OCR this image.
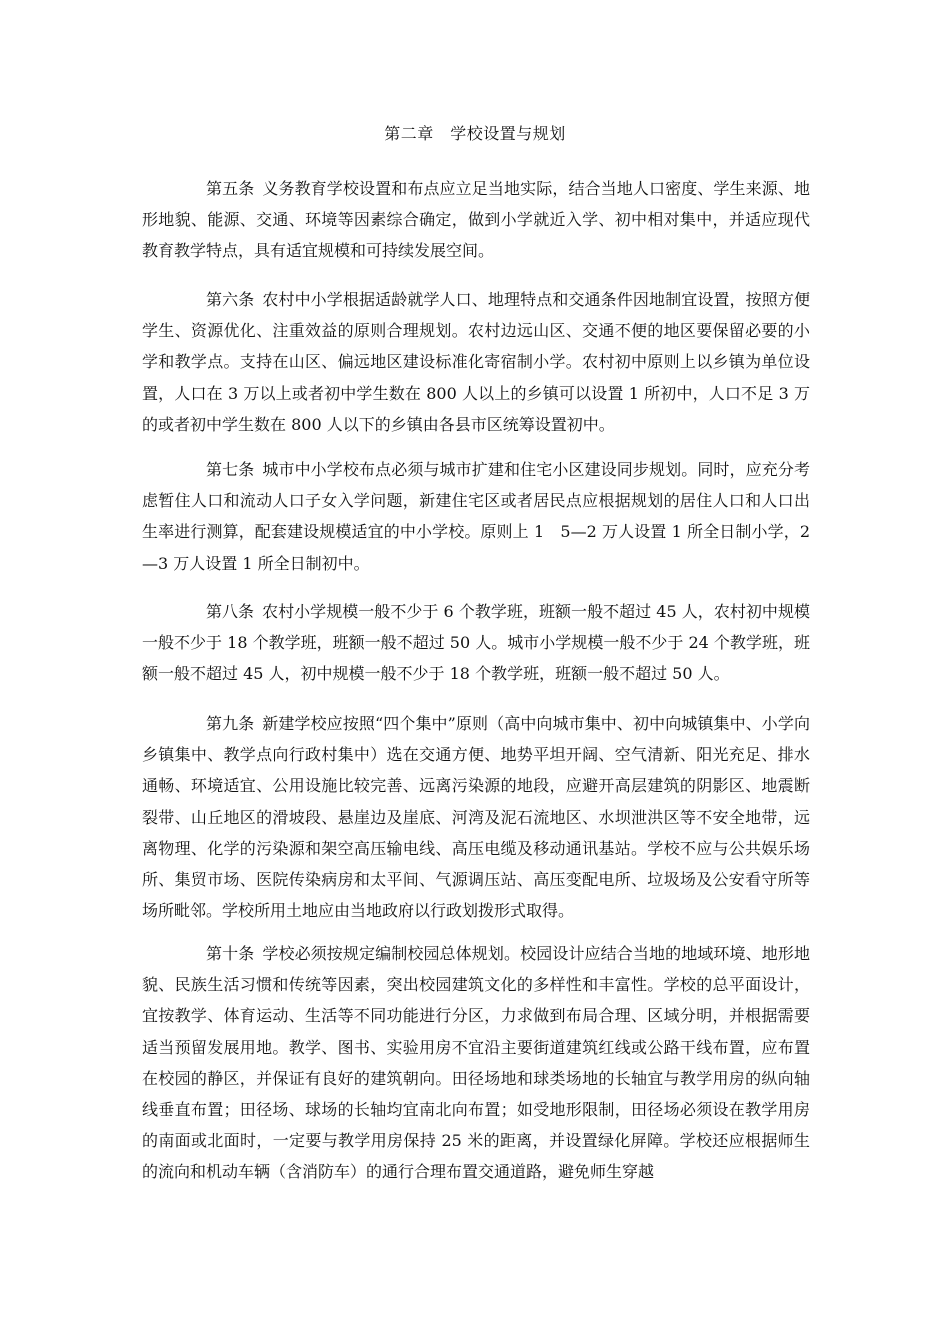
第二章　学校设置与规划

第五条 义务教育学校设置和布点应立足当地实际，结合当地人口密度、学生来源、地形地貌、能源、交通、环境等因素综合确定，做到小学就近入学、初中相对集中，并适应现代教育教学特点，具有适宜规模和可持续发展空间。

第六条 农村中小学根据适龄就学人口、地理特点和交通条件因地制宜设置，按照方便学生、资源优化、注重效益的原则合理规划。农村边远山区、交通不便的地区要保留必要的小学和教学点。支持在山区、偏远地区建设标准化寄宿制小学。农村初中原则上以乡镇为单位设置，人口在 3 万以上或者初中学生数在 800 人以上的乡镇可以设置 1 所初中，人口不足 3 万的或者初中学生数在 800 人以下的乡镇由各县市区统筹设置初中。

第七条 城市中小学校布点必须与城市扩建和住宅小区建设同步规划。同时，应充分考虑暂住人口和流动人口子女入学问题，新建住宅区或者居民点应根据规划的居住人口和人口出生率进行测算，配套建设规模适宜的中小学校。原则上 1　5—2 万人设置 1 所全日制小学，2—3 万人设置 1 所全日制初中。

第八条 农村小学规模一般不少于 6 个教学班，班额一般不超过 45 人，农村初中规模一般不少于 18 个教学班，班额一般不超过 50 人。城市小学规模一般不少于 24 个教学班，班额一般不超过 45 人，初中规模一般不少于 18 个教学班，班额一般不超过 50 人。

第九条 新建学校应按照“四个集中”原则（高中向城市集中、初中向城镇集中、小学向乡镇集中、教学点向行政村集中）选在交通方便、地势平坦开阔、空气清新、阳光充足、排水通畅、环境适宜、公用设施比较完善、远离污染源的地段，应避开高层建筑的阴影区、地震断裂带、山丘地区的滑坡段、悬崖边及崖底、河湾及泥石流地区、水坝泄洪区等不安全地带，远离物理、化学的污染源和架空高压输电线、高压电缆及移动通讯基站。学校不应与公共娱乐场所、集贸市场、医院传染病房和太平间、气源调压站、高压变配电所、垃圾场及公安看守所等场所毗邻。学校所用土地应由当地政府以行政划拨形式取得。

第十条 学校必须按规定编制校园总体规划。校园设计应结合当地的地域环境、地形地貌、民族生活习惯和传统等因素，突出校园建筑文化的多样性和丰富性。学校的总平面设计，宜按教学、体育运动、生活等不同功能进行分区，力求做到布局合理、区域分明，并根据需要适当预留发展用地。教学、图书、实验用房不宜沿主要街道建筑红线或公路干线布置，应布置在校园的静区，并保证有良好的建筑朝向。田径场地和球类场地的长轴宜与教学用房的纵向轴线垂直布置；田径场、球场的长轴均宜南北向布置；如受地形限制，田径场必须设在教学用房的南面或北面时，一定要与教学用房保持 25 米的距离，并设置绿化屏障。学校还应根据师生的流向和机动车辆（含消防车）的通行合理布置交通道路，避免师生穿越
